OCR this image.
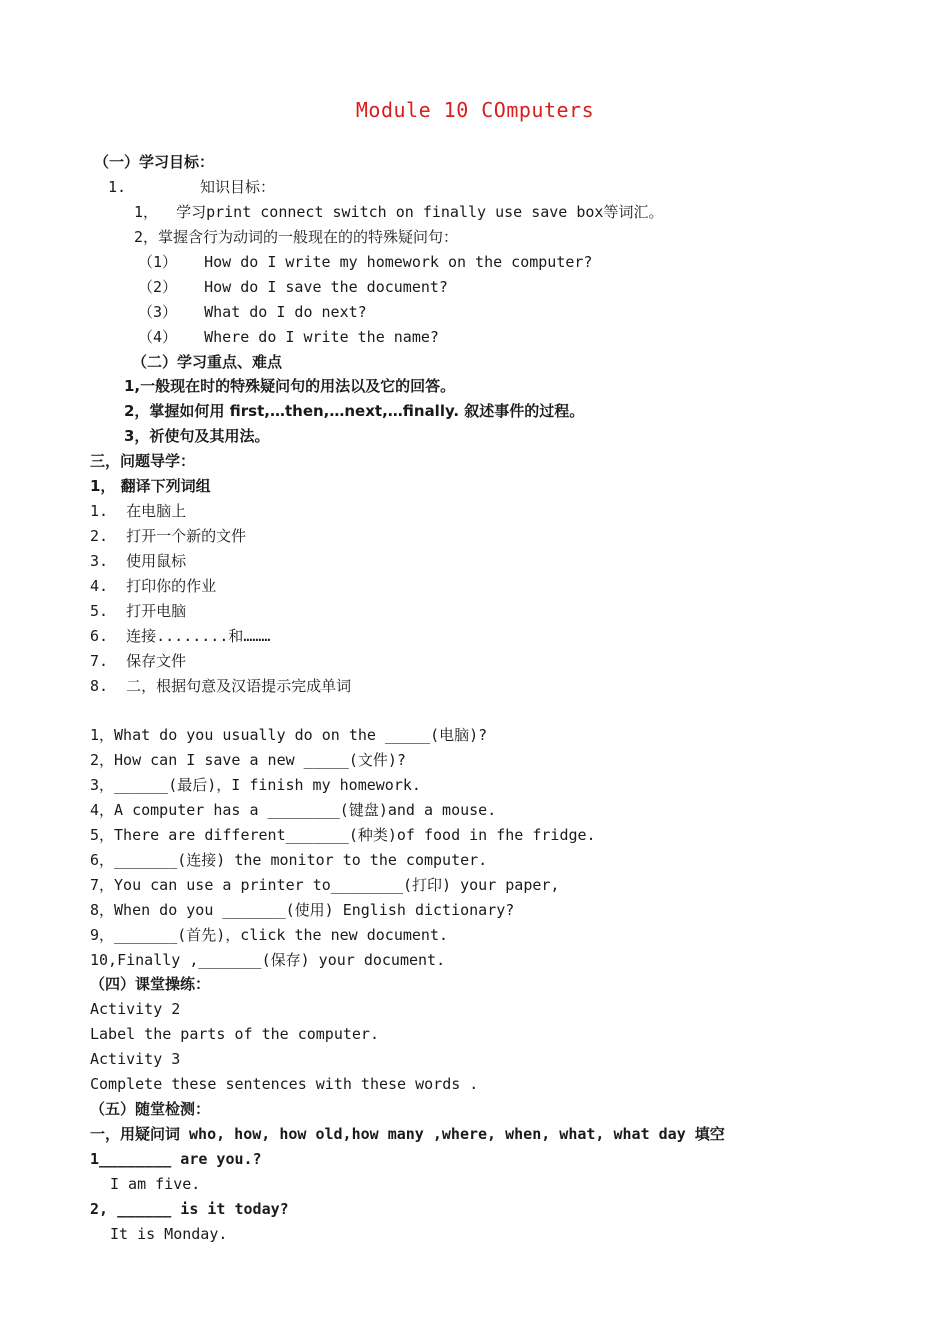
Module 10 COmputers
（一）学习目标：
1.	知识目标：
1，  学习print connect switch on finally use save box等词汇。
2，掌握含行为动词的一般现在的的特殊疑问句：
（1）   How do I write my homework on the computer?
（2）   How do I save the document?
（3）   What do I do next?
（4）   Where do I write the name?
（二）学习重点、难点
1,一般现在时的特殊疑问句的用法以及它的回答。
2，掌握如何用 first,…then,…next,…finally. 叙述事件的过程。
3，祈使句及其用法。
三，问题导学：
1， 翻译下列词组
1.  在电脑上
2.  打开一个新的文件
3.  使用鼠标
4.  打印你的作业
5.  打开电脑
6.  连接........和………
7.  保存文件
8.  二，根据句意及汉语提示完成单词
1，What do you usually do on the _____(电脑)?
2，How can I save a new _____(文件)?
3，______(最后)，I finish my homework.
4，A computer has a ________(键盘)and a mouse.
5，There are different_______(种类)of food in fhe fridge.
6，_______(连接) the monitor to the computer.
7，You can use a printer to________(打印) your paper,
8，When do you _______(使用) English dictionary?
9，_______(首先)，click the new document.
10,Finally ,_______(保存) your document.
（四）课堂操练：
Activity 2
Label the parts of the computer.
Activity 3
Complete these sentences with these words .
（五）随堂检测：
一，用疑问词 who, how, how old,how many ,where, when, what, what day 填空
1________ are you.?
I am five.
2, ______ is it today?
It is Monday.
